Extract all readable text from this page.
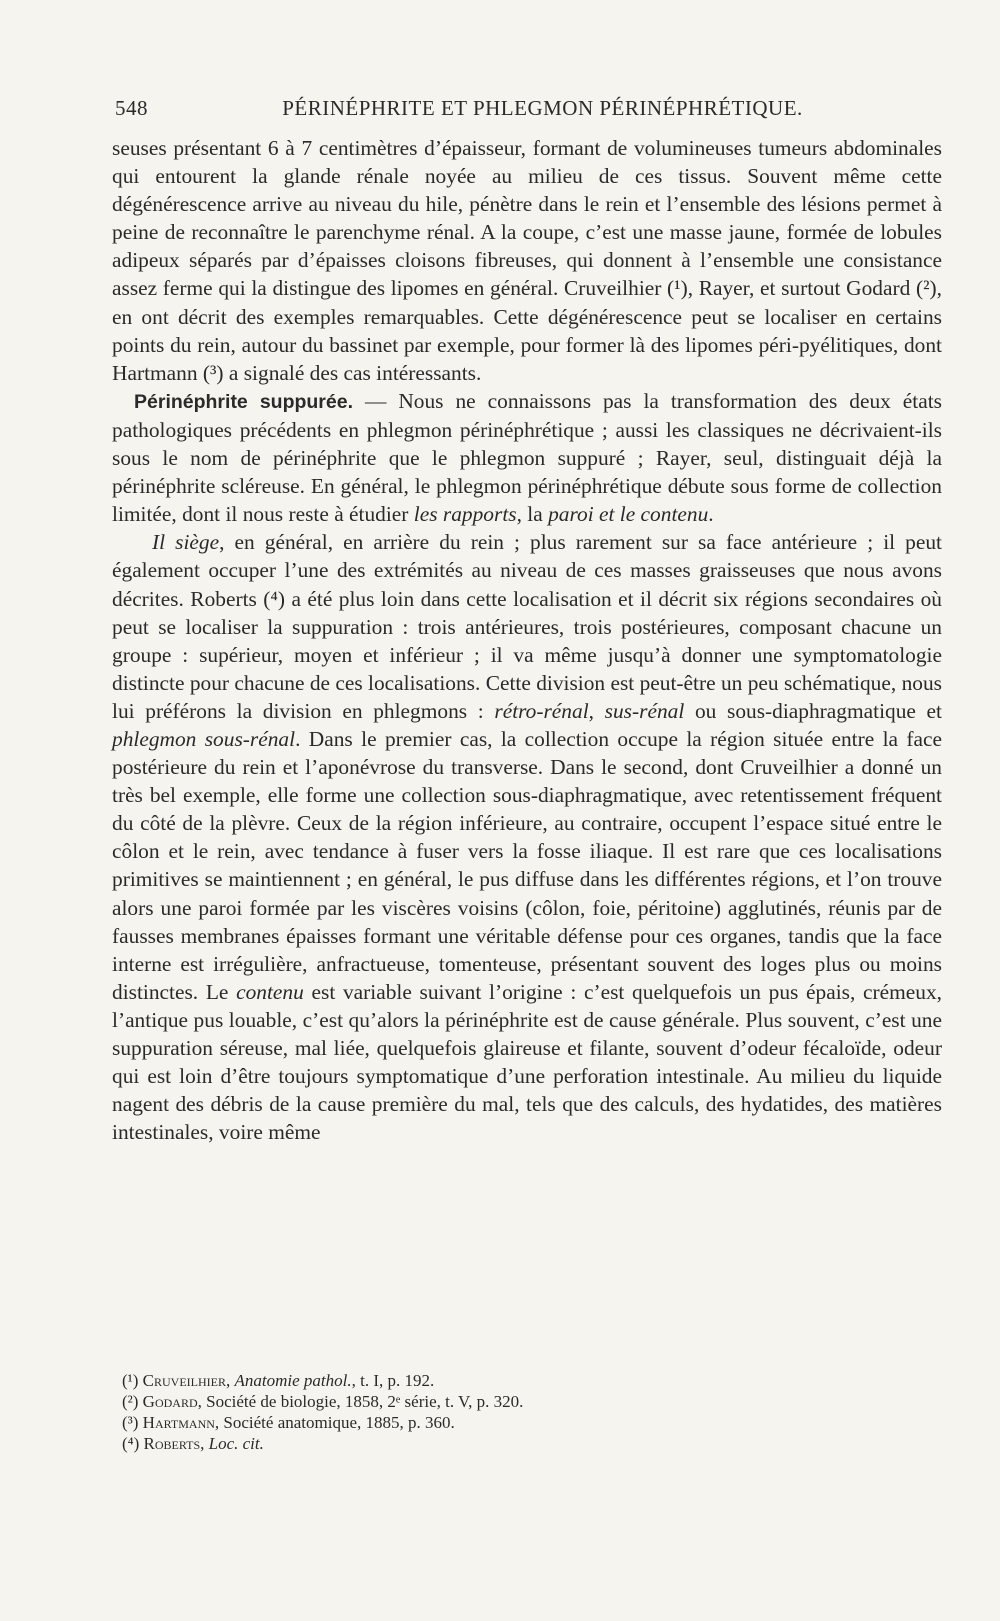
548	PÉRINÉPHRITE ET PHLEGMON PÉRINÉPHRÉTIQUE.

seuses présentant 6 à 7 centimètres d’épaisseur, formant de volumineuses tumeurs abdominales qui entourent la glande rénale noyée au milieu de ces tissus. Souvent même cette dégénérescence arrive au niveau du hile, pénètre dans le rein et l’ensemble des lésions permet à peine de reconnaître le parenchyme rénal. A la coupe, c’est une masse jaune, formée de lobules adipeux séparés par d’épaisses cloisons fibreuses, qui donnent à l’ensemble une consistance assez ferme qui la distingue des lipomes en général. Cruveilhier (¹), Rayer, et surtout Godard (²), en ont décrit des exemples remarquables. Cette dégénérescence peut se localiser en certains points du rein, autour du bassinet par exemple, pour former là des lipomes péri-pyélitiques, dont Hartmann (³) a signalé des cas intéressants.

Périnéphrite suppurée. — Nous ne connaissons pas la transformation des deux états pathologiques précédents en phlegmon périnéphrétique ; aussi les classiques ne décrivaient-ils sous le nom de périnéphrite que le phlegmon suppuré ; Rayer, seul, distinguait déjà la périnéphrite scléreuse. En général, le phlegmon périnéphrétique débute sous forme de collection limitée, dont il nous reste à étudier les rapports, la paroi et le contenu.

Il siège, en général, en arrière du rein ; plus rarement sur sa face antérieure ; il peut également occuper l’une des extrémités au niveau de ces masses graisseuses que nous avons décrites. Roberts (⁴) a été plus loin dans cette localisation et il décrit six régions secondaires où peut se localiser la suppuration : trois antérieures, trois postérieures, composant chacune un groupe : supérieur, moyen et inférieur ; il va même jusqu’à donner une symptomatologie distincte pour chacune de ces localisations. Cette division est peut-être un peu schématique, nous lui préférons la division en phlegmons : rétro-rénal, sus-rénal ou sous-diaphragmatique et phlegmon sous-rénal. Dans le premier cas, la collection occupe la région située entre la face postérieure du rein et l’aponévrose du transverse. Dans le second, dont Cruveilhier a donné un très bel exemple, elle forme une collection sous-diaphragmatique, avec retentissement fréquent du côté de la plèvre. Ceux de la région inférieure, au contraire, occupent l’espace situé entre le côlon et le rein, avec tendance à fuser vers la fosse iliaque. Il est rare que ces localisations primitives se maintiennent ; en général, le pus diffuse dans les différentes régions, et l’on trouve alors une paroi formée par les viscères voisins (côlon, foie, péritoine) agglutinés, réunis par de fausses membranes épaisses formant une véritable défense pour ces organes, tandis que la face interne est irrégulière, anfractueuse, tomenteuse, présentant souvent des loges plus ou moins distinctes. Le contenu est variable suivant l’origine : c’est quelquefois un pus épais, crémeux, l’antique pus louable, c’est qu’alors la périnéphrite est de cause générale. Plus souvent, c’est une suppuration séreuse, mal liée, quelquefois glaireuse et filante, souvent d’odeur fécaloïde, odeur qui est loin d’être toujours symptomatique d’une perforation intestinale. Au milieu du liquide nagent des débris de la cause première du mal, tels que des calculs, des hydatides, des matières intestinales, voire même

(¹) Cruveilhier, Anatomie pathol., t. I, p. 192.
(²) Godard, Société de biologie, 1858, 2ᵉ série, t. V, p. 320.
(³) Hartmann, Société anatomique, 1885, p. 360.
(⁴) Roberts, Loc. cit.
